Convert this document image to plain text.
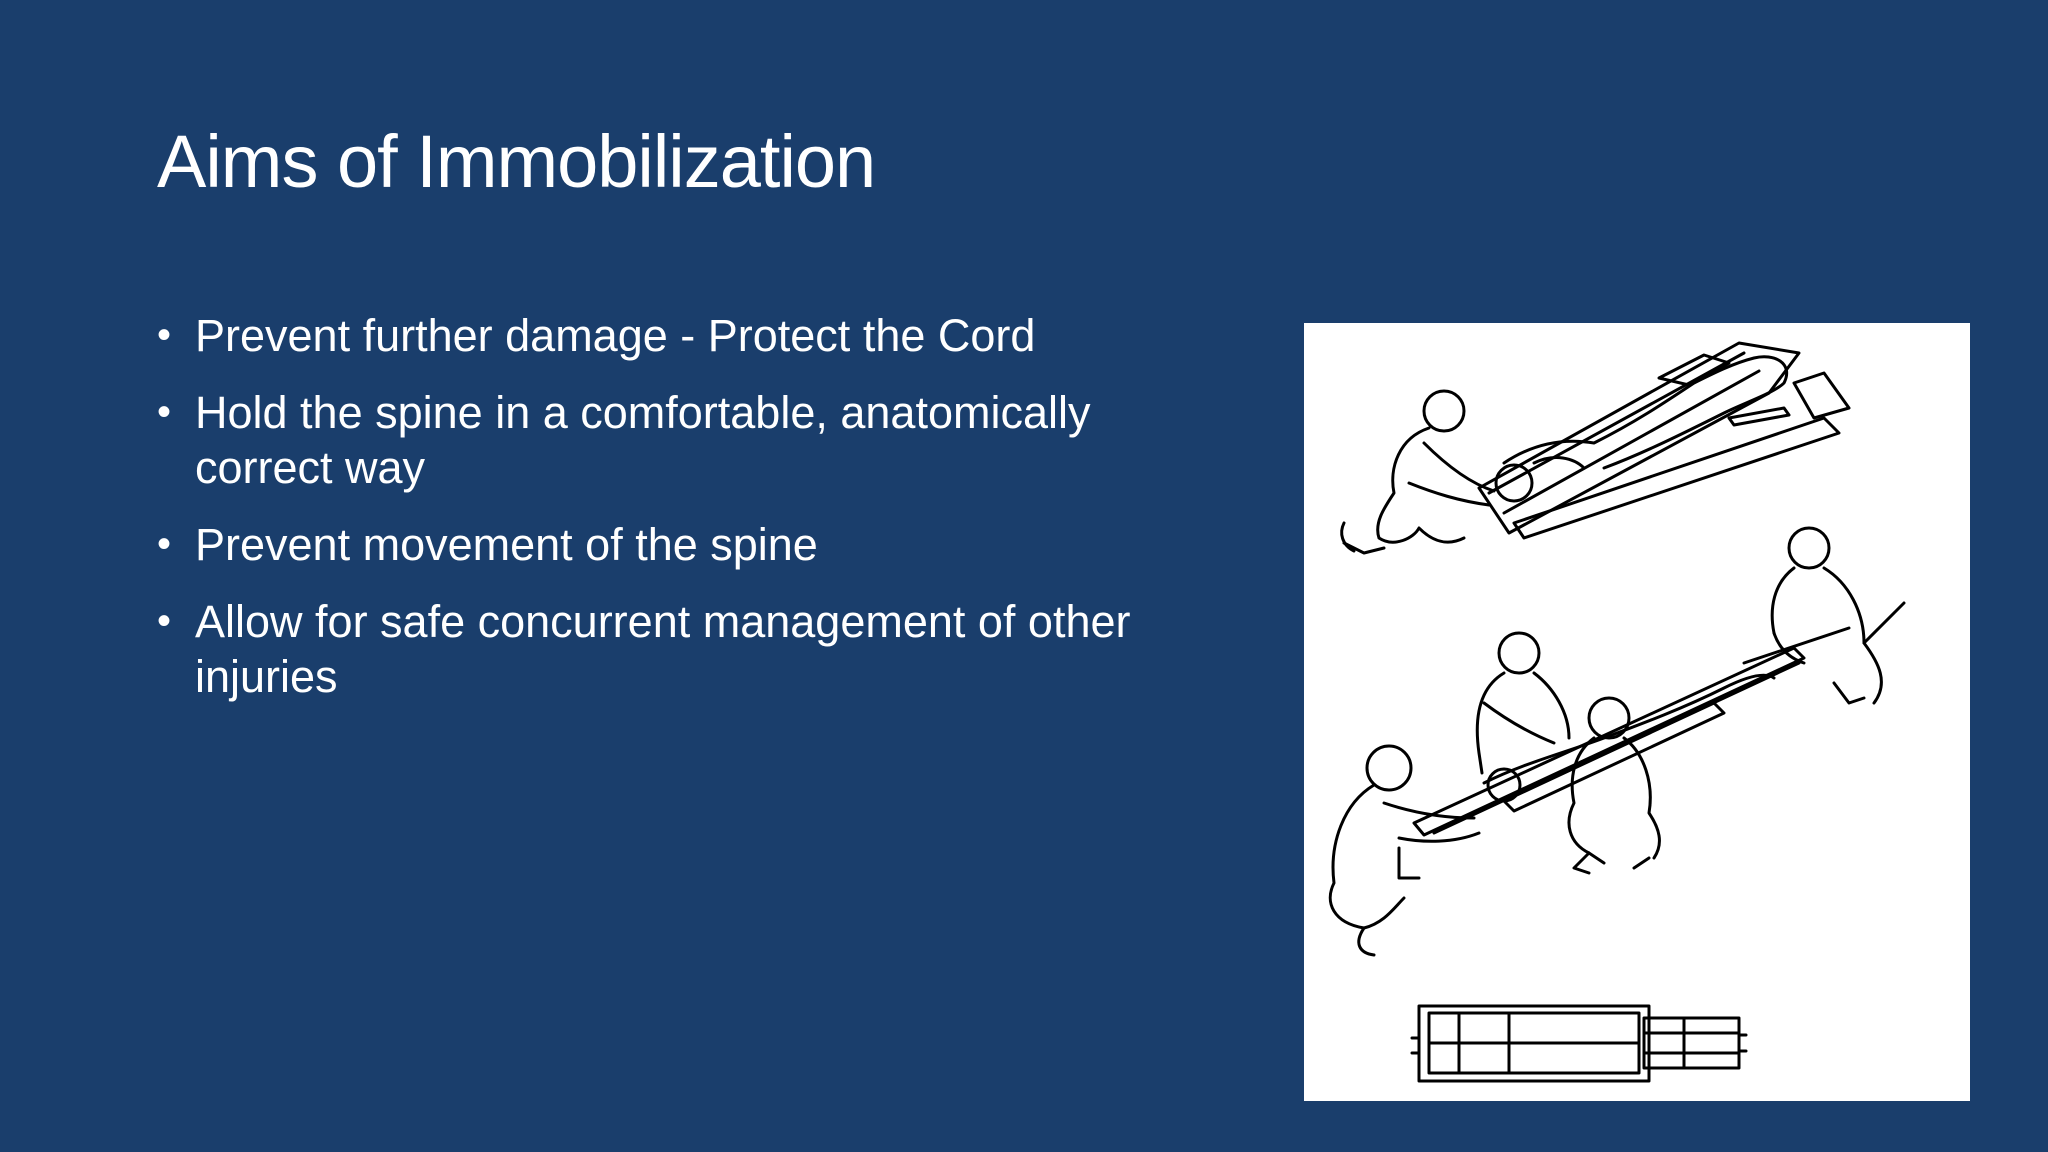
Aims of Immobilization
• Prevent further damage - Protect the Cord
• Hold the spine in a comfortable, anatomically correct way
• Prevent movement of the spine
• Allow for safe concurrent management of other injuries
